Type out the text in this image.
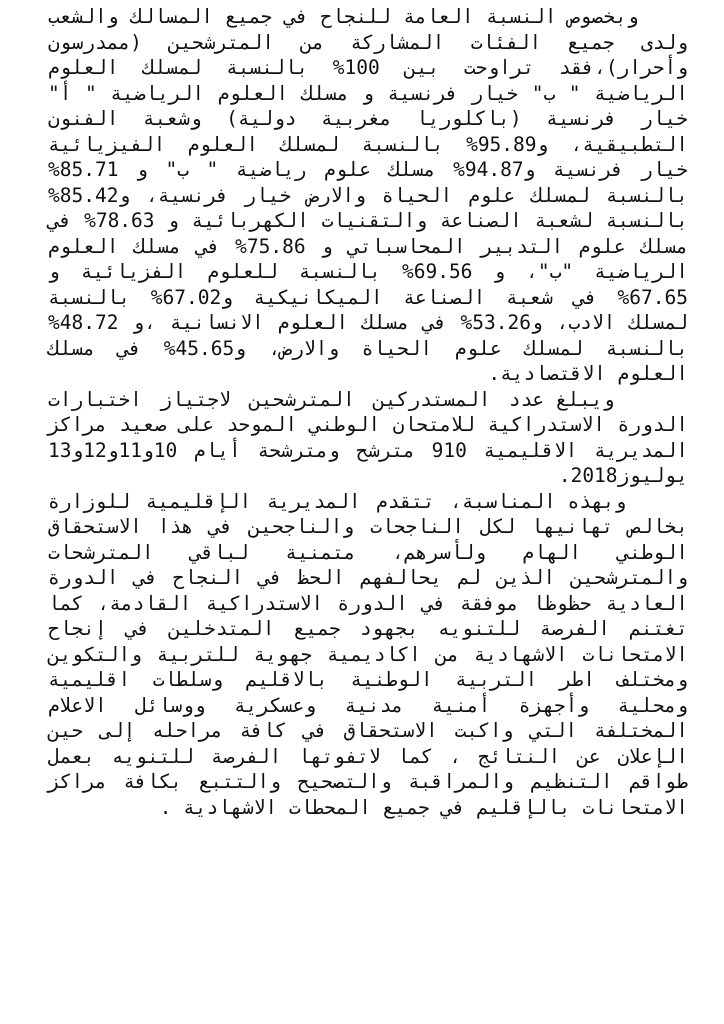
وبخصوص النسبة العامة للنجاح في جميع المسالك والشعب ولدى جميع الفئات المشاركة من المترشحين (ممدرسون وأحرار)،فقد تراوحت بين 100% بالنسبة لمسلك العلوم الرياضية " ب" خيار فرنسية و مسلك العلوم الرياضية " أ" خيار فرنسية (باكلوريا مغربية دولية) وشعبة الفنون التطبيقية، و95.89% بالنسبة لمسلك العلوم الفيزيائية خيار فرنسية و94.87% مسلك علوم رياضية " ب" و 85.71% بالنسبة لمسلك علوم الحياة والارض خيار فرنسية، و85.42% بالنسبة لشعبة الصناعة والتقنيات الكهربائية و 78.63% في مسلك علوم التدبير المحاسباتي و 75.86% في مسلك العلوم الرياضية "ب"، و 69.56% بالنسبة للعلوم الفزيائية و 67.65% في شعبة الصناعة الميكانيكية و67.02% بالنسبة لمسلك الادب، و53.26% في مسلك العلوم الانسانية ،و 48.72% بالنسبة لمسلك علوم الحياة والارض، و45.65% في مسلك العلوم الاقتصادية.

ويبلغ عدد المستدركين المترشحين لاجتياز اختبارات الدورة الاستدراكية للامتحان الوطني الموحد على صعيد مراكز المديرية الاقليمية 910 مترشح ومترشحة أيام 10و11و12و13 يوليوز2018.

وبهذه المناسبة، تتقدم المديرية الإقليمية للوزارة بخالص تهانيها لكل الناجحات والناجحين في هذا الاستحقاق الوطني الهام ولأسرهم، متمنية لباقي المترشحات والمترشحين الذين لم يحالفهم الحظ في النجاح في الدورة العادية حظوظا موفقة في الدورة الاستدراكية القادمة، كما تغتنم الفرصة للتنويه بجهود جميع المتدخلين في إنجاح الامتحانات الاشهادية من اكاديمية جهوية للتربية والتكوين ومختلف اطر التربية الوطنية بالاقليم وسلطات اقليمية ومحلية وأجهزة أمنية مدنية وعسكرية ووسائل الاعلام المختلفة التي واكبت الاستحقاق في كافة مراحله إلى حين الإعلان عن النتائج ، كما لاتفوتها الفرصة للتنويه بعمل طواقم التنظيم والمراقبة والتصحيح والتتبع بكافة مراكز الامتحانات بالإقليم في جميع المحطات الاشهادية .
